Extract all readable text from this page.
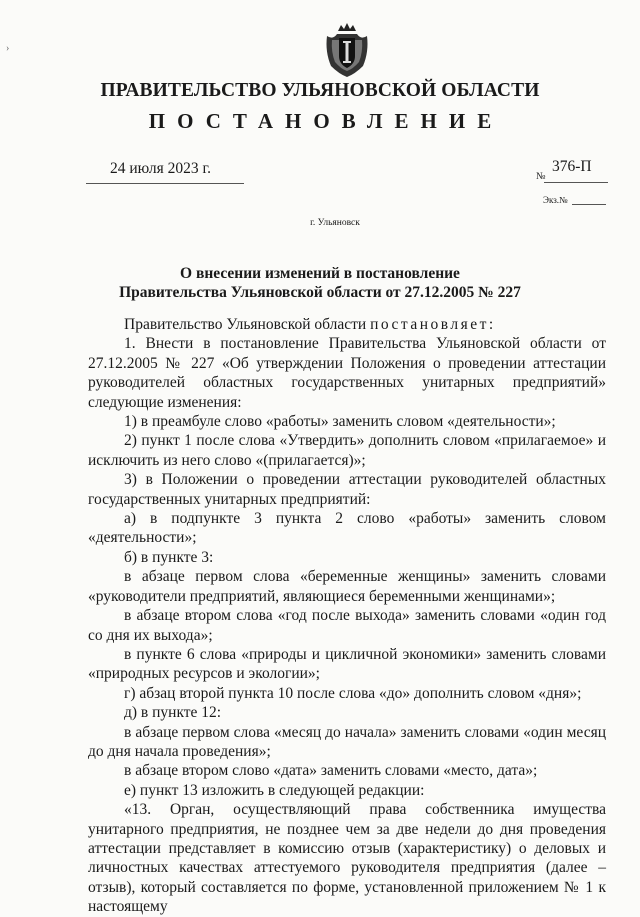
›
ПРАВИТЕЛЬСТВО УЛЬЯНОВСКОЙ ОБЛАСТИ
ПОСТАНОВЛЕНИЕ
24 июля 2023 г.	№
376-П
Экз.№
г. Ульяновск
О внесении изменений в постановление
Правительства Ульяновской области от 27.12.2005 № 227

Правительство Ульяновской области постановляет:

1. Внести в постановление Правительства Ульяновской области от 27.12.2005 № 227 «Об утверждении Положения о проведении аттестации руководителей областных государственных унитарных предприятий» следующие изменения:

1) в преамбуле слово «работы» заменить словом «деятельности»;

2) пункт 1 после слова «Утвердить» дополнить словом «прилагаемое» и исключить из него слово «(прилагается)»;

3) в Положении о проведении аттестации руководителей областных государственных унитарных предприятий:

а) в подпункте 3 пункта 2 слово «работы» заменить словом «деятельности»;

б) в пункте 3:

в абзаце первом слова «беременные женщины» заменить словами «руководители предприятий, являющиеся беременными женщинами»;

в абзаце втором слова «год после выхода» заменить словами «один год со дня их выхода»;

в пункте 6 слова «природы и цикличной экономики» заменить словами «природных ресурсов и экологии»;

г) абзац второй пункта 10 после слова «до» дополнить словом «дня»;

д) в пункте 12:

в абзаце первом слова «месяц до начала» заменить словами «один месяц до дня начала проведения»;

в абзаце втором слово «дата» заменить словами «место, дата»;

е) пункт 13 изложить в следующей редакции:

«13. Орган, осуществляющий права собственника имущества унитарного предприятия, не позднее чем за две недели до дня проведения аттестации представляет в комиссию отзыв (характеристику) о деловых и личностных качествах аттестуемого руководителя предприятия (далее – отзыв), который составляется по форме, установленной приложением № 1 к настоящему
